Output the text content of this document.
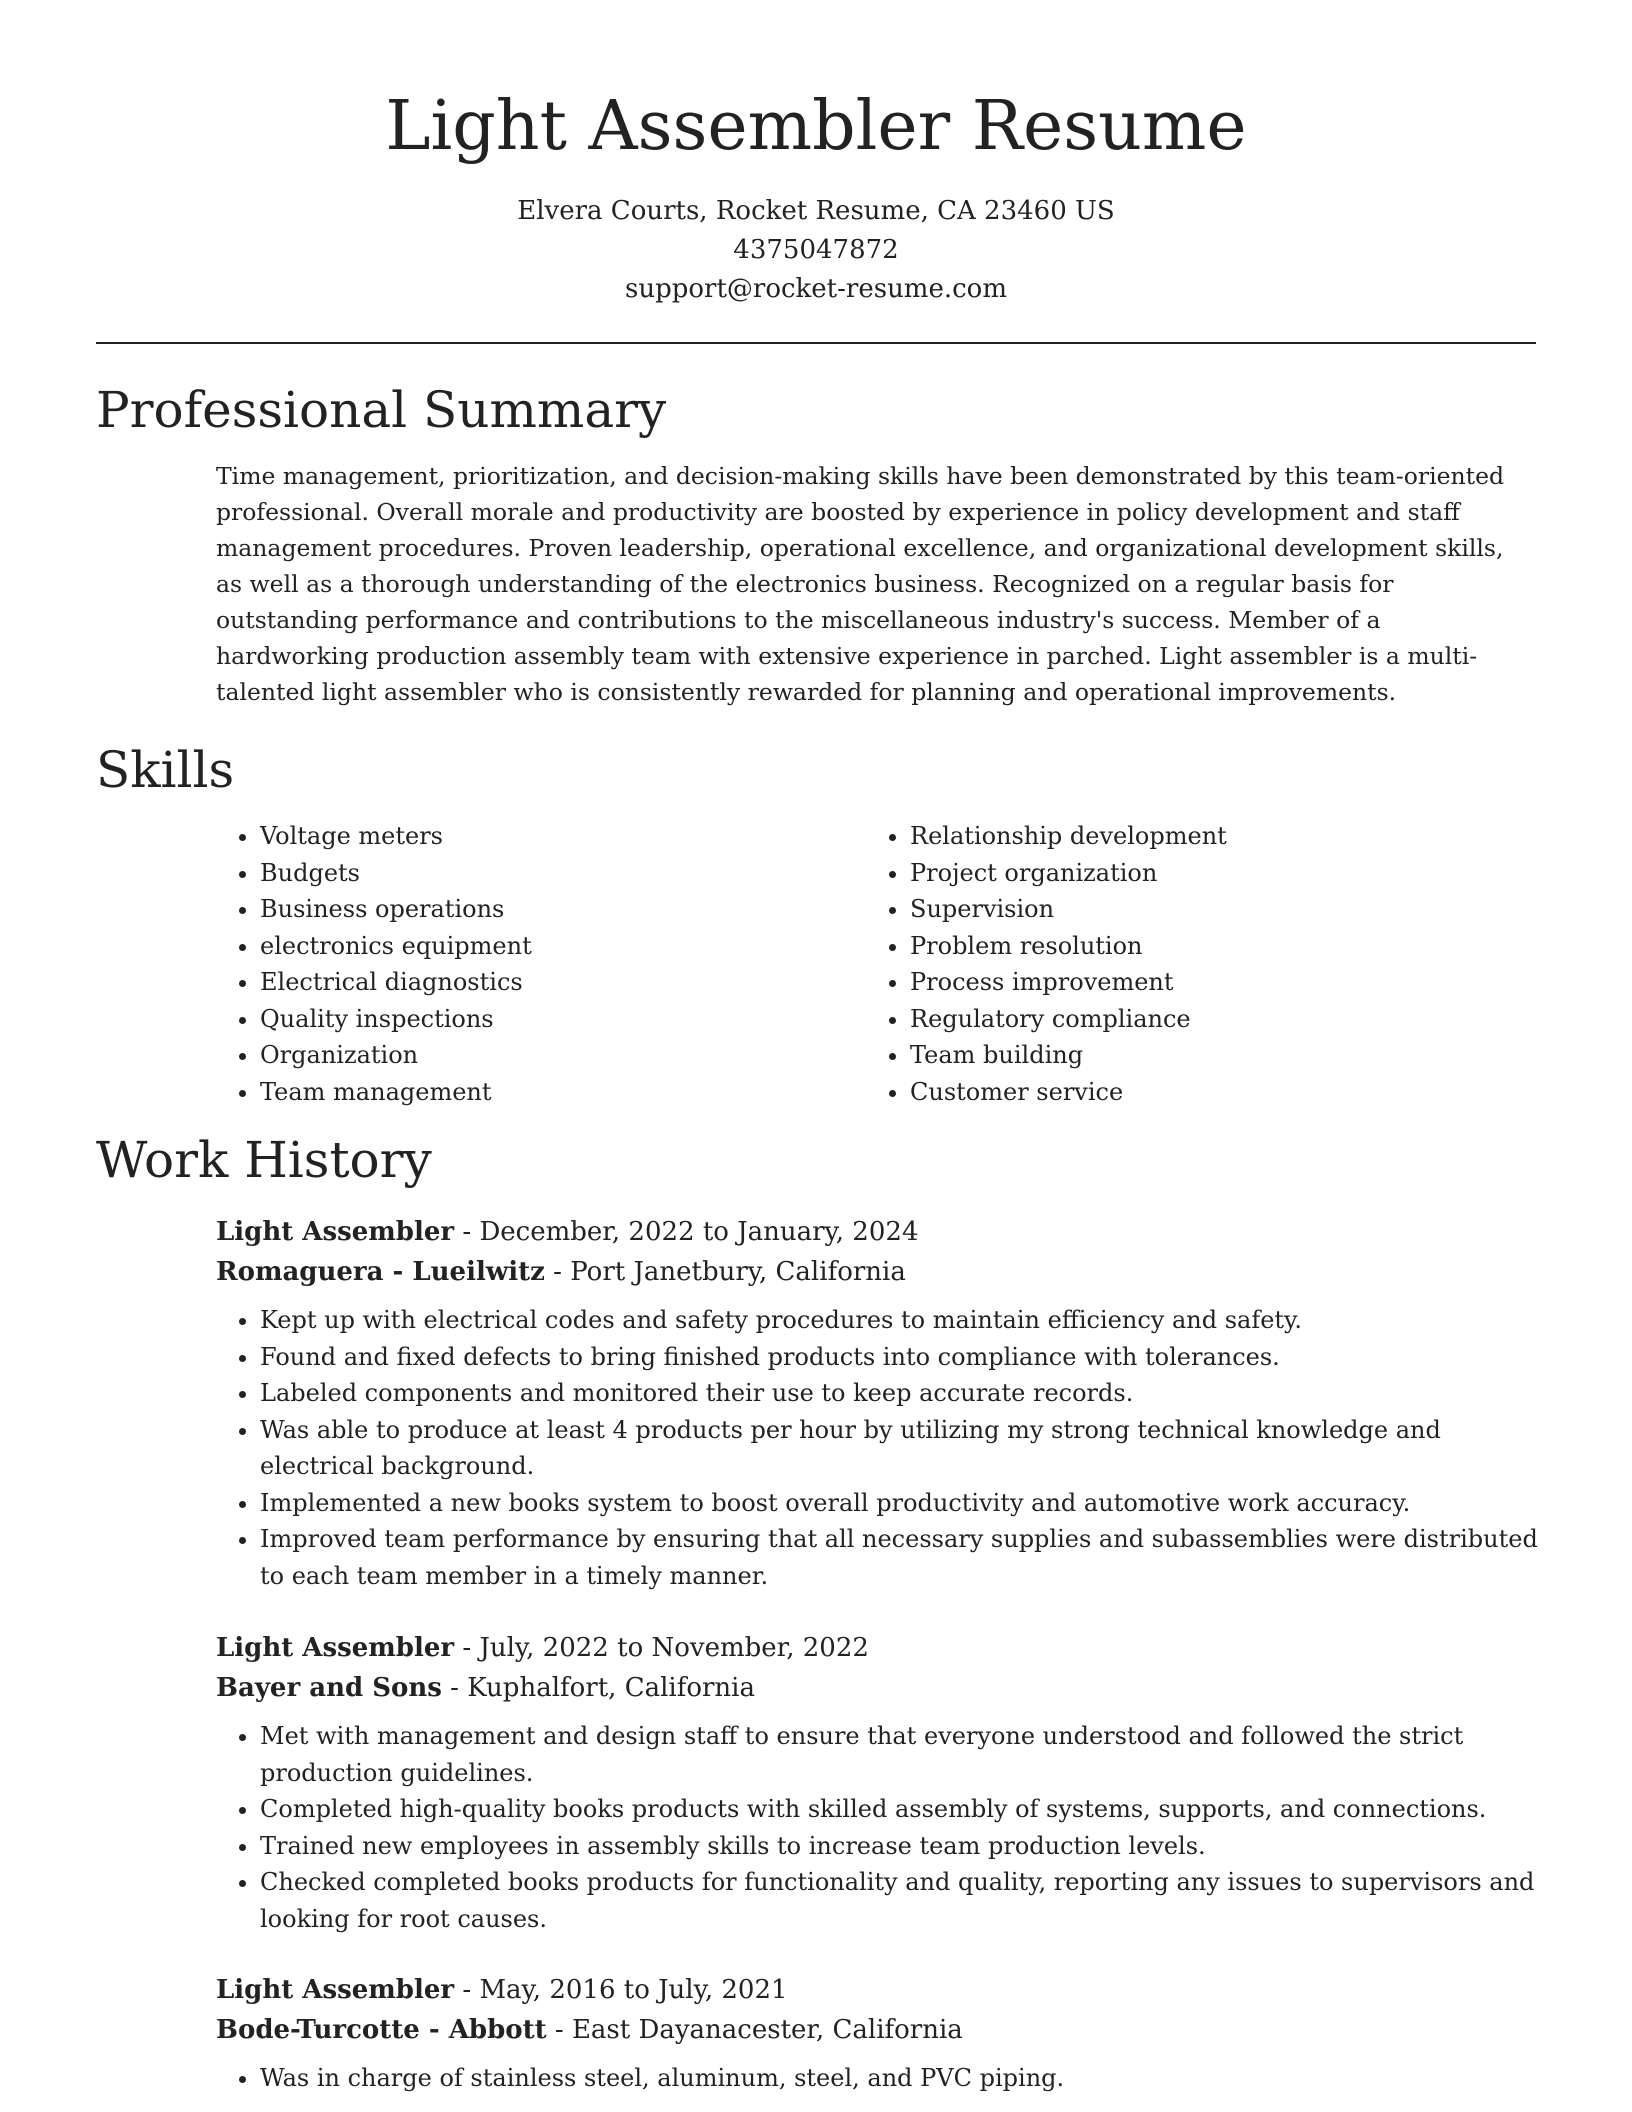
Light Assembler Resume
Elvera Courts, Rocket Resume, CA 23460 US
4375047872
support@rocket-resume.com
Professional Summary

Time management, prioritization, and decision-making skills have been demonstrated by this team-oriented professional. Overall morale and productivity are boosted by experience in policy development and staff management procedures. Proven leadership, operational excellence, and organizational development skills, as well as a thorough understanding of the electronics business. Recognized on a regular basis for outstanding performance and contributions to the miscellaneous industry's success. Member of a hardworking production assembly team with extensive experience in parched. Light assembler is a multi-talented light assembler who is consistently rewarded for planning and operational improvements.

Skills
• Voltage meters
• Budgets
• Business operations
• electronics equipment
• Electrical diagnostics
• Quality inspections
• Organization
• Team management
• Relationship development
• Project organization
• Supervision
• Problem resolution
• Process improvement
• Regulatory compliance
• Team building
• Customer service
Work History
Light Assembler - December, 2022 to January, 2024
Romaguera - Lueilwitz - Port Janetbury, California
• Kept up with electrical codes and safety procedures to maintain efficiency and safety.
• Found and fixed defects to bring finished products into compliance with tolerances.
• Labeled components and monitored their use to keep accurate records.
• Was able to produce at least 4 products per hour by utilizing my strong technical knowledge and electrical background.
• Implemented a new books system to boost overall productivity and automotive work accuracy.
• Improved team performance by ensuring that all necessary supplies and subassemblies were distributed to each team member in a timely manner.
Light Assembler - July, 2022 to November, 2022
Bayer and Sons - Kuphalfort, California
• Met with management and design staff to ensure that everyone understood and followed the strict production guidelines.
• Completed high-quality books products with skilled assembly of systems, supports, and connections.
• Trained new employees in assembly skills to increase team production levels.
• Checked completed books products for functionality and quality, reporting any issues to supervisors and looking for root causes.
Light Assembler - May, 2016 to July, 2021
Bode-Turcotte - Abbott - East Dayanacester, California
• Was in charge of stainless steel, aluminum, steel, and PVC piping.
